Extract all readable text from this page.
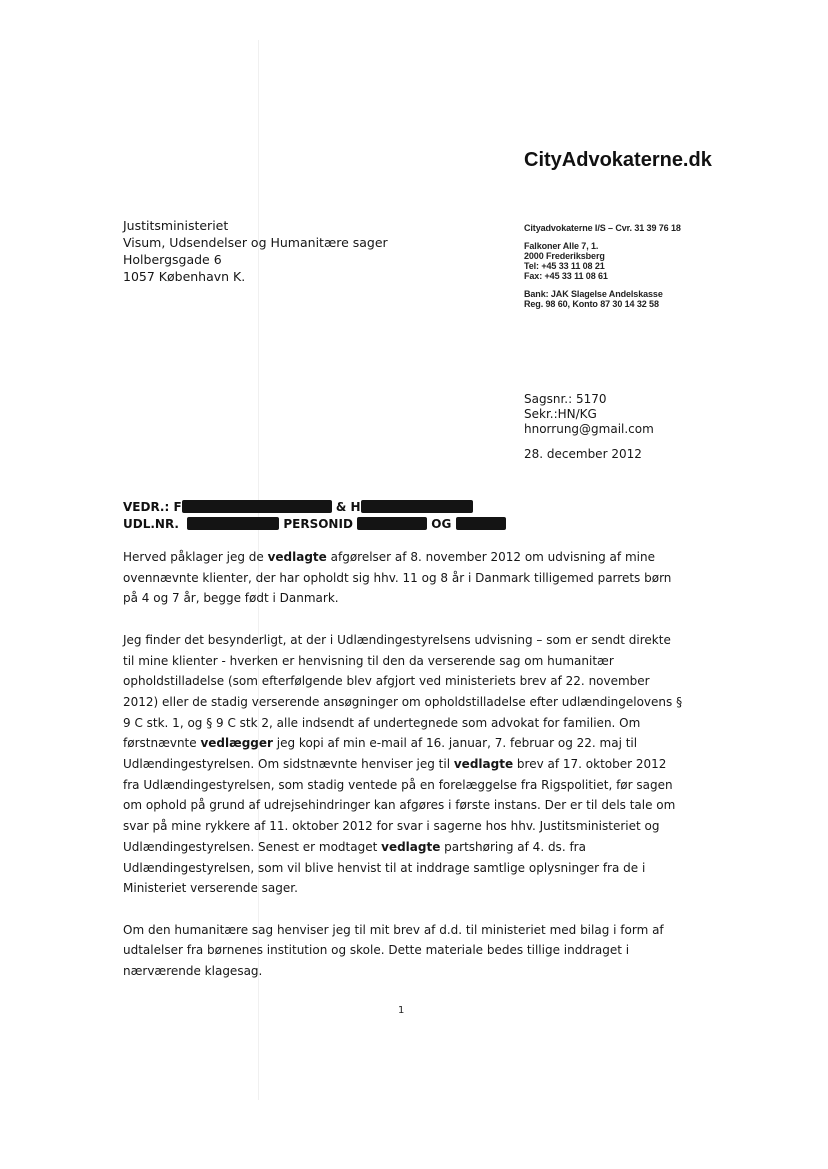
CityAdvokaterne.dk
Cityadvokaterne I/S – Cvr. 31 39 76 18
Falkoner Alle 7, 1.
2000 Frederiksberg
Tel: +45 33 11 08 21
Fax: +45 33 11 08 61
Bank: JAK Slagelse Andelskasse
Reg. 98 60, Konto 87 30 14 32 58
Justitsministeriet
Visum, Udsendelser og Humanitære sager
Holbergsgade 6
1057 København K.
Sagsnr.: 5170
Sekr.:HN/KG
hnorrung@gmail.com
28. december 2012
VEDR.: F	& H
UDL.NR.	PERSONID	OG

Herved påklager jeg de vedlagte afgørelser af 8. november 2012 om udvisning af mine
ovennævnte klienter, der har opholdt sig hhv. 11 og 8 år i Danmark tilligemed parrets børn
på 4 og 7 år, begge født i Danmark.

Jeg finder det besynderligt, at der i Udlændingestyrelsens udvisning – som er sendt direkte
til mine klienter - hverken er henvisning til den da verserende sag om humanitær
opholdstilladelse (som efterfølgende blev afgjort ved ministeriets brev af 22. november
2012) eller de stadig verserende ansøgninger om opholdstilladelse efter udlændingelovens §
9 C stk. 1, og § 9 C stk 2, alle indsendt af undertegnede som advokat for familien. Om
førstnævnte vedlægger jeg kopi af min e-mail af 16. januar, 7. februar og 22. maj til
Udlændingestyrelsen. Om sidstnævnte henviser jeg til vedlagte brev af 17. oktober 2012
fra Udlændingestyrelsen, som stadig ventede på en forelæggelse fra Rigspolitiet, før sagen
om ophold på grund af udrejsehindringer kan afgøres i første instans. Der er til dels tale om
svar på mine rykkere af 11. oktober 2012 for svar i sagerne hos hhv. Justitsministeriet og
Udlændingestyrelsen. Senest er modtaget vedlagte partshøring af 4. ds. fra
Udlændingestyrelsen, som vil blive henvist til at inddrage samtlige oplysninger fra de i
Ministeriet verserende sager.

Om den humanitære sag henviser jeg til mit brev af d.d. til ministeriet med bilag i form af
udtalelser fra børnenes institution og skole. Dette materiale bedes tillige inddraget i
nærværende klagesag.

1
